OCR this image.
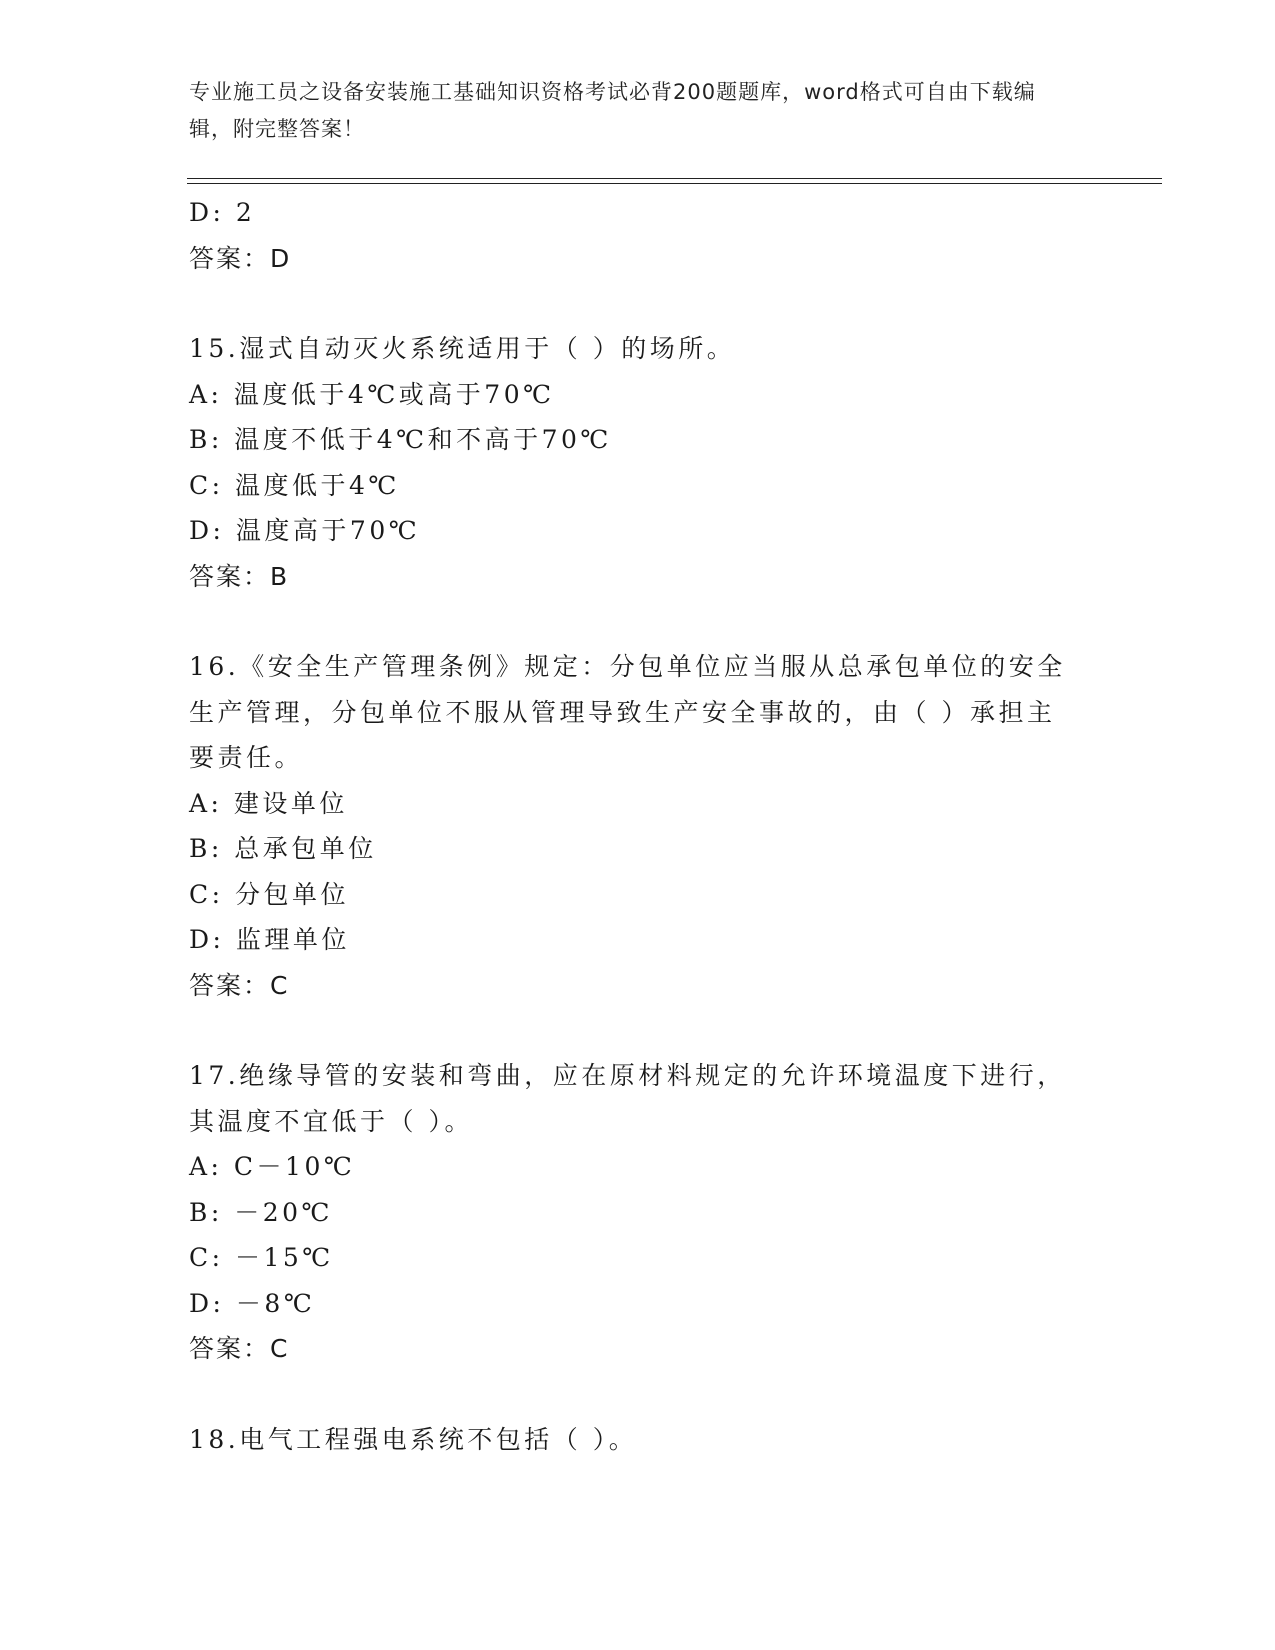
专业施工员之设备安装施工基础知识资格考试必背200题题库，word格式可自由下载编辑，附完整答案！
D: 2
答案：D
15.湿式自动灭火系统适用于（ ）的场所。
A: 温度低于4℃或高于70℃
B: 温度不低于4℃和不高于70℃
C: 温度低于4℃
D: 温度高于70℃
答案：B
16.《安全生产管理条例》规定：分包单位应当服从总承包单位的安全生产管理，分包单位不服从管理导致生产安全事故的，由（ ）承担主要责任。
A: 建设单位
B: 总承包单位
C: 分包单位
D: 监理单位
答案：C
17.绝缘导管的安装和弯曲，应在原材料规定的允许环境温度下进行，其温度不宜低于（ ）。
A: C－10℃
B: －20℃
C: －15℃
D: －8℃
答案：C
18.电气工程强电系统不包括（ ）。
